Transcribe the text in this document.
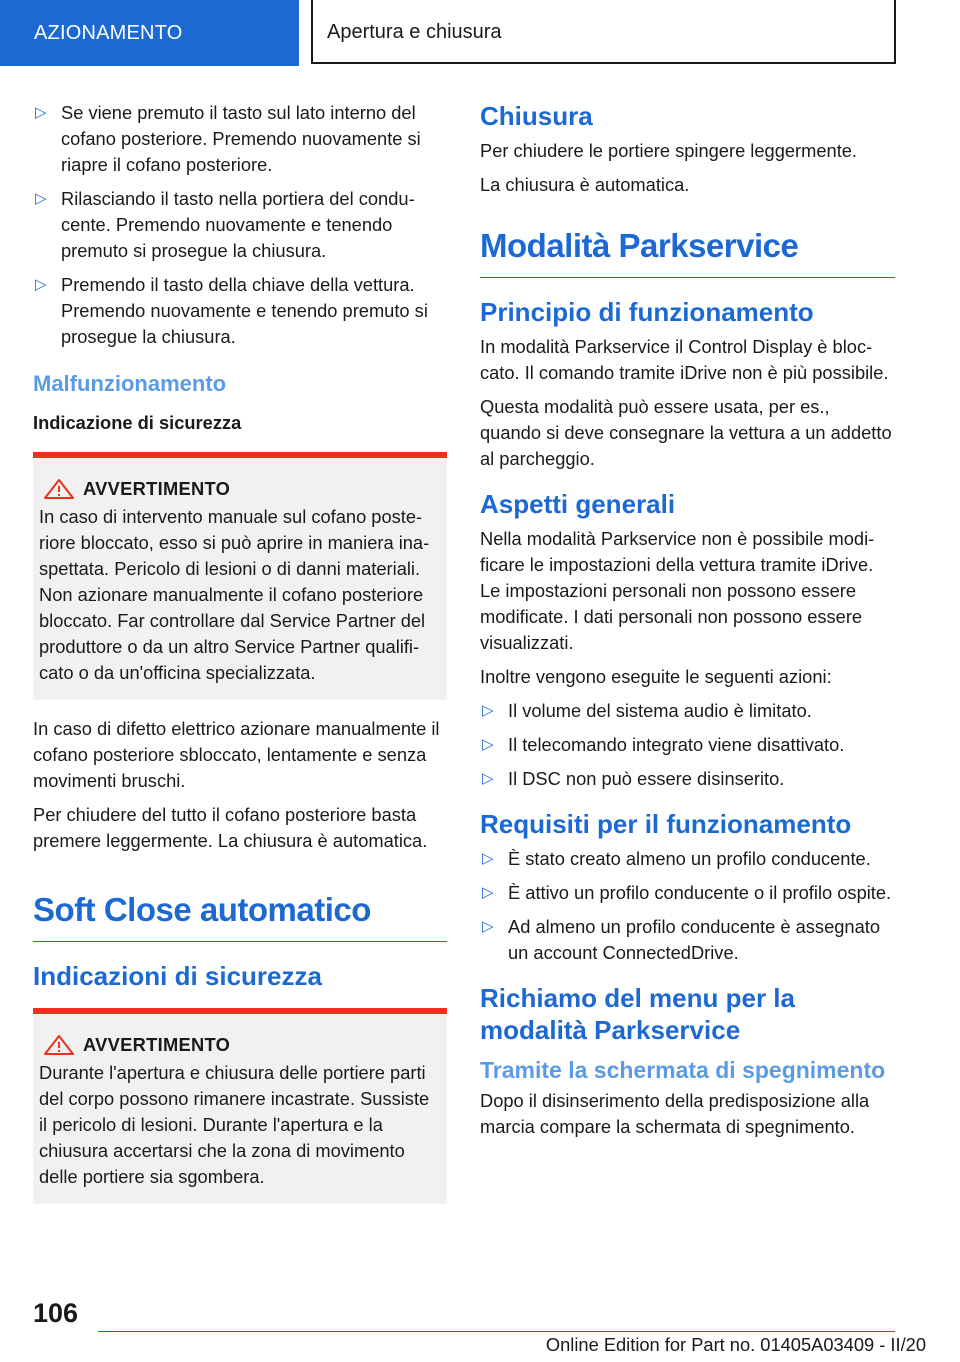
AZIONAMENTO	Apertura e chiusura
▷ Se viene premuto il tasto sul lato interno del cofano posteriore. Premendo nuovamente si riapre il cofano posteriore.
▷ Rilasciando il tasto nella portiera del conducente. Premendo nuovamente e tenendo premuto si prosegue la chiusura.
▷ Premendo il tasto della chiave della vettura. Premendo nuovamente e tenendo premuto si prosegue la chiusura.
Malfunzionamento
Indicazione di sicurezza
AVVERTIMENTO

In caso di intervento manuale sul cofano posteriore bloccato, esso si può aprire in maniera inaspettata. Pericolo di lesioni o di danni materiali. Non azionare manualmente il cofano posteriore bloccato. Far controllare dal Service Partner del produttore o da un altro Service Partner qualificato o da un'officina specializzata.

In caso di difetto elettrico azionare manualmente il cofano posteriore sbloccato, lentamente e senza movimenti bruschi.

Per chiudere del tutto il cofano posteriore basta premere leggermente. La chiusura è automatica.

Soft Close automatico
Indicazioni di sicurezza
AVVERTIMENTO

Durante l'apertura e chiusura delle portiere parti del corpo possono rimanere incastrate. Sussiste il pericolo di lesioni. Durante l'apertura e la chiusura accertarsi che la zona di movimento delle portiere sia sgombera.

Chiusura

Per chiudere le portiere spingere leggermente.

La chiusura è automatica.

Modalità Parkservice
Principio di funzionamento

In modalità Parkservice il Control Display è bloccato. Il comando tramite iDrive non è più possibile.

Questa modalità può essere usata, per es., quando si deve consegnare la vettura a un addetto al parcheggio.

Aspetti generali

Nella modalità Parkservice non è possibile modificare le impostazioni della vettura tramite iDrive. Le impostazioni personali non possono essere modificate. I dati personali non possono essere visualizzati.

Inoltre vengono eseguite le seguenti azioni:

▷ Il volume del sistema audio è limitato.
▷ Il telecomando integrato viene disattivato.
▷ Il DSC non può essere disinserito.
Requisiti per il funzionamento
▷ È stato creato almeno un profilo conducente.
▷ È attivo un profilo conducente o il profilo ospite.
▷ Ad almeno un profilo conducente è assegnato un account ConnectedDrive.
Richiamo del menu per la modalità Parkservice
Tramite la schermata di spegnimento

Dopo il disinserimento della predisposizione alla marcia compare la schermata di spegnimento.

106
Online Edition for Part no. 01405A03409 - II/20
